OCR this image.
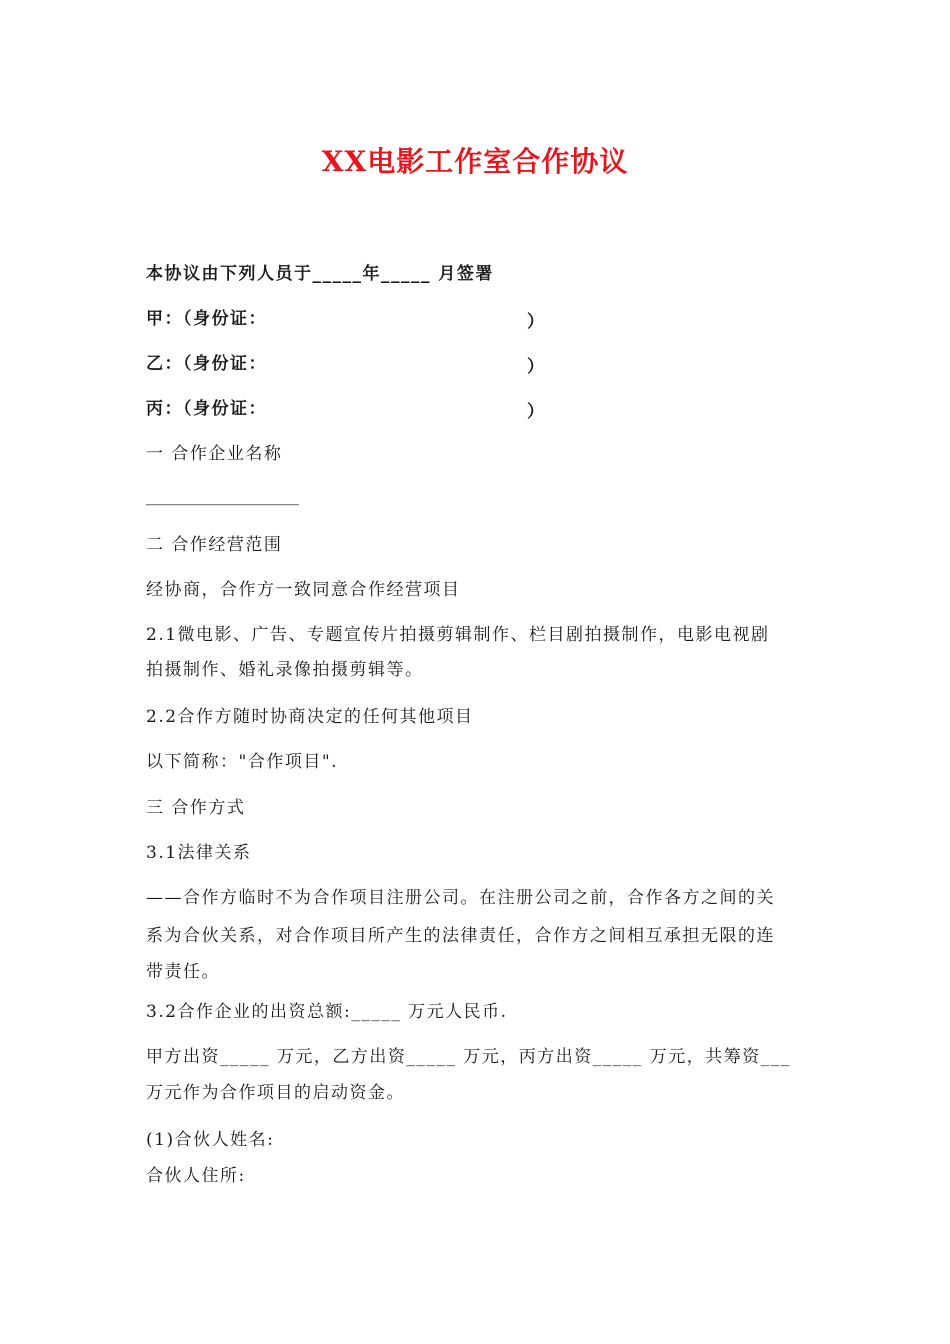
XX电影工作室合作协议
本协议由下列人员于_____年_____ 月签署
甲：（身份证：	）
乙：（身份证：	）
丙：（身份证：	）
一 合作企业名称
__________________
二 合作经营范围
经协商，合作方一致同意合作经营项目
2.1微电影、广告、专题宣传片拍摄剪辑制作、栏目剧拍摄制作，电影电视剧
拍摄制作、婚礼录像拍摄剪辑等。
2.2合作方随时协商决定的任何其他项目
以下简称："合作项目".
三 合作方式
3.1法律关系
——合作方临时不为合作项目注册公司。在注册公司之前，合作各方之间的关
系为合伙关系，对合作项目所产生的法律责任，合作方之间相互承担无限的连
带责任。
3.2合作企业的出资总额:_____ 万元人民币.
甲方出资_____ 万元，乙方出资_____ 万元，丙方出资_____ 万元，共筹资___
万元作为合作项目的启动资金。
(1)合伙人姓名:
合伙人住所:
